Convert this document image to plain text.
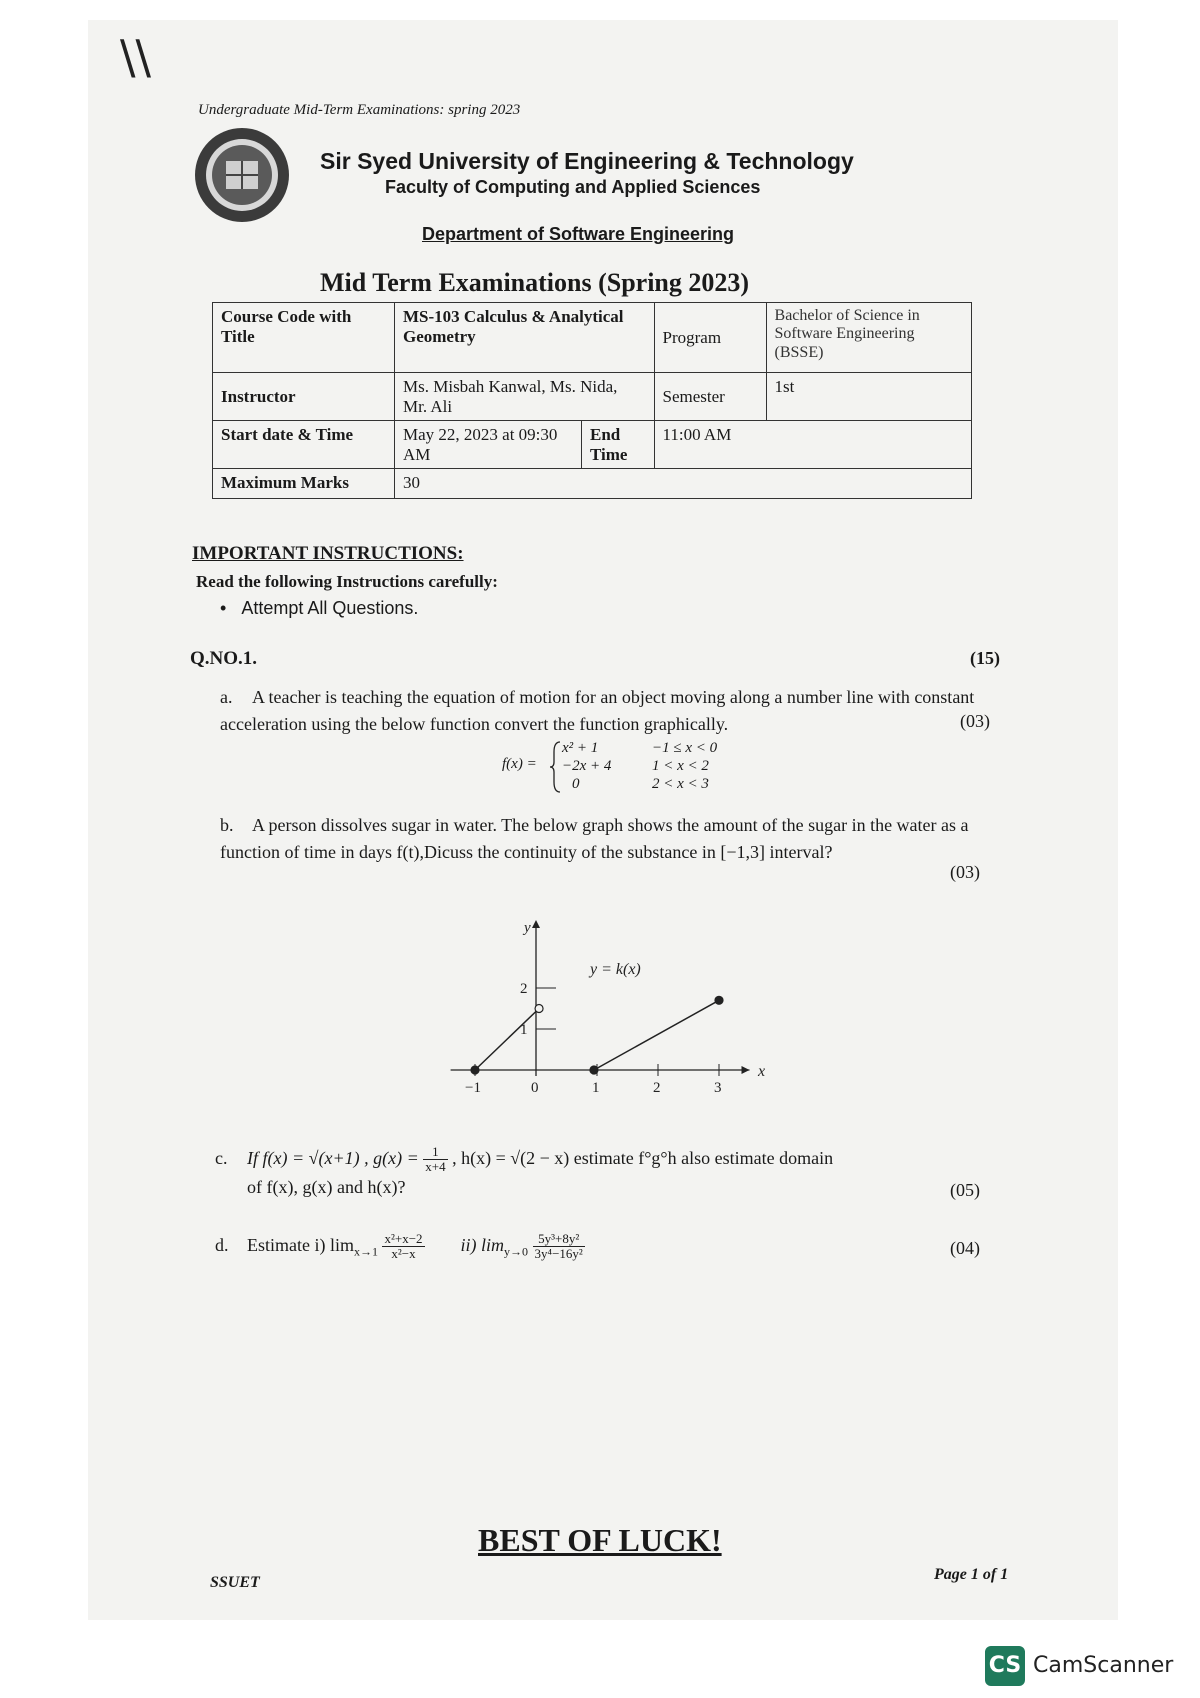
\\
Undergraduate Mid-Term Examinations: spring 2023
Sir Syed University of Engineering & Technology
Faculty of Computing and Applied Sciences
Department of Software Engineering
Mid Term Examinations (Spring 2023)
Course Code with Title	MS-103 Calculus & Analytical Geometry		Program	Bachelor of Science in Software Engineering (BSSE)
Instructor	Ms. Misbah Kanwal, Ms. Nida, Mr. Ali		Semester	1st
Start date & Time	May 22, 2023 at 09:30 AM	End Time	11:00 AM	
Maximum Marks	30			
IMPORTANT INSTRUCTIONS:
Read the following Instructions carefully:
•   Attempt All Questions.
Q.NO.1.	(15)
a. A teacher is teaching the equation of motion for an object moving along a number line with constant acceleration using the below function convert the function graphically.	(03)
f(x) =
x² + 1	−1 ≤ x < 0
−2x + 4	1 < x < 2
0	2 < x < 3
b. A person dissolves sugar in water. The below graph shows the amount of the sugar in the water as a function of time in days f(t),Dicuss the continuity of the substance in [−1,3] interval?
(03)
y = k(x)
y
x
−1	0	1	2	3
1
2
c. If f(x) = √(x+1) , $g(x) = \frac{1}{x+4}$ , h(x) = √(2 − x) estimate f°g°h also estimate domain
of f(x), g(x) and h(x)?	(05)
d. Estimate i) $\lim_{x\to 1} \frac{\text{x²+x−2}}{\text{x²−x}} ii$) $\lim_{y\to 0} \frac{\text{5y³+8y²}}{\text{3y⁴−16y²}}$	(04)
BEST OF LUCK!
SSUET	Page 1 of 1
CS CamScanner
